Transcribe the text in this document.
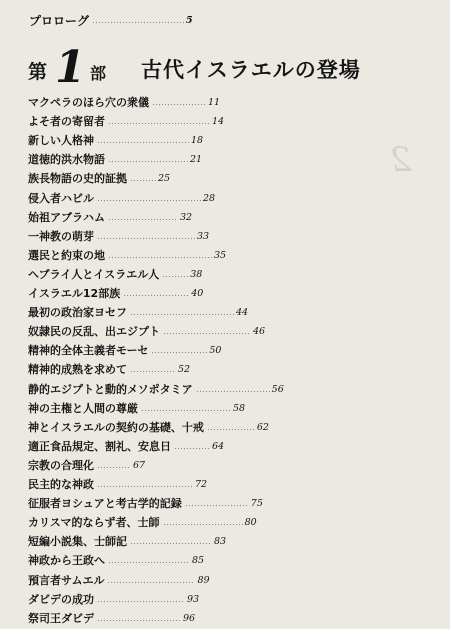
2
プロローグ	5
第 1 部 古代イスラエルの登場
マクペラのほら穴の衆儀	11
よそ者の寄留者	14
新しい人格神	18
道徳的洪水物語	21
族長物語の史的証拠	25
侵入者ハビル	28
始祖アブラハム	32
一神教の萌芽	33
選民と約束の地	35
ヘブライ人とイスラエル人	38
イスラエル12部族	40
最初の政治家ヨセフ	44
奴隷民の反乱、出エジプト	46
精神的全体主義者モーセ	50
精神的成熟を求めて	52
静的エジプトと動的メソポタミア	56
神の主権と人間の尊厳	58
神とイスラエルの契約の基礎、十戒	62
適正食品規定、割礼、安息日	64
宗教の合理化	67
民主的な神政	72
征服者ヨシュアと考古学的記録	75
カリスマ的ならず者、士師	80
短編小説集、士師記	83
神政から王政へ	85
預言者サムエル	89
ダビデの成功	93
祭司王ダビデ	96
